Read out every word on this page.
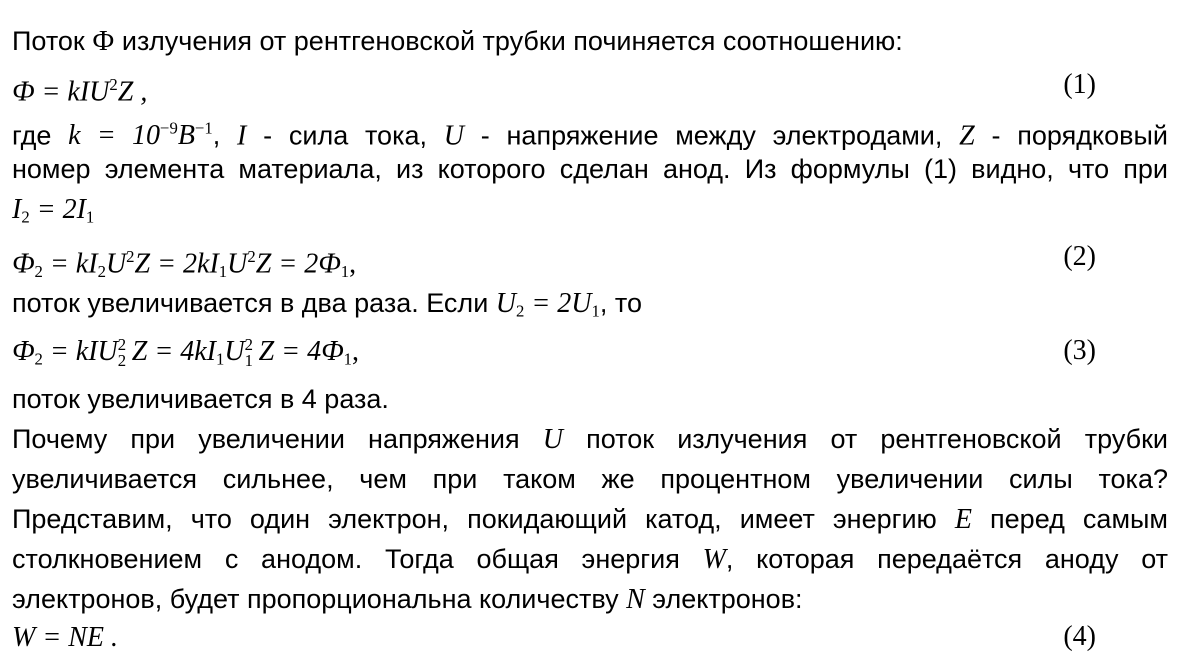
Поток Ф излучения от рентгеновской трубки починяется соотношению:
Ф = kIU$^2$Z ,	(1)
где $k = 10^{-9}В^{-1}$, I - сила тока, U - напряжение между электродами, Z - порядковый
номер элемента материала, из которого сделан анод. Из формулы (1) видно, что при
$I_2 = 2I_1$
$Ф_2 = kI_2U^2Z = 2kI_1U^2Z = 2Ф_1$,	(2)
поток увеличивается в два раза. Если $U_2 = 2U_1$, то
$Ф_2$ = kIU 2
2 $Z = 4kI_1U$ 2
1 $Z = 4Ф_1$,	(3)
поток увеличивается в 4 раза.
Почему при увеличении напряжения U поток излучения от рентгеновской трубки
увеличивается сильнее, чем при таком же процентном увеличении силы тока?
Представим, что один электрон, покидающий катод, имеет энергию E перед самым
столкновением с анодом. Тогда общая энергия W, которая передаётся аноду от
электронов, будет пропорциональна количеству N электронов:
W = NE .	(4)
